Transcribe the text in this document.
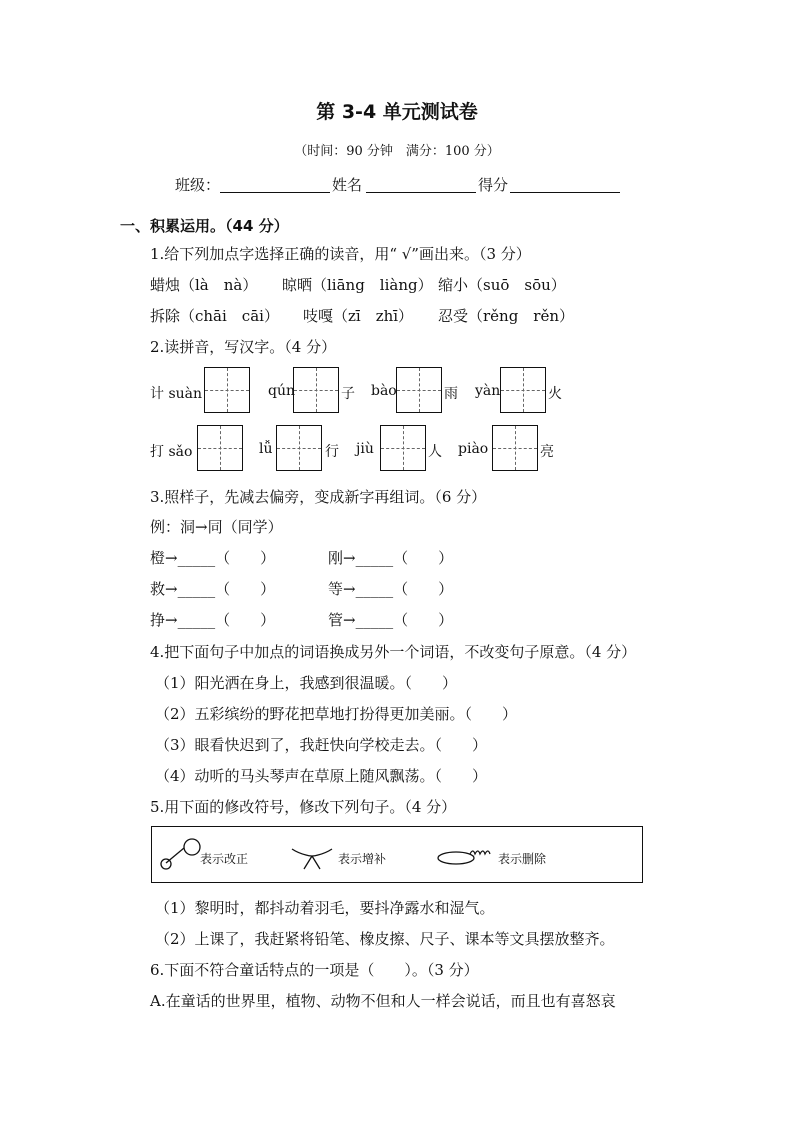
第 3-4 单元测试卷
（时间：90 分钟　满分：100 分）
班级：	姓名	得分
一、积累运用。（44 分）
1.给下列加点字选择正确的读音，用“ √”画出来。（3 分）
蜡烛（là　nà） 晾晒（liāng　liàng） 缩小（suō　sōu）
拆除（chāi　cāi） 吱嘎（zī　zhī） 忍受（rěng　rěn）
2.读拼音，写汉字。（4 分）
计 suàn	qún	子 bào	雨 yàn	火
打 sǎo	lǚ	行 jiù	人 piào	亮
3.照样子，先减去偏旁，变成新字再组词。（6 分）
例：洞→同（同学）
橙→_____（　　）	刚→_____（　　）
救→_____（　　）	等→_____（　　）
挣→_____（　　）	管→_____（　　）
4.把下面句子中加点的词语换成另外一个词语，不改变句子原意。（4 分）
（1）阳光洒在身上，我感到很温暖。（　　）
（2）五彩缤纷的野花把草地打扮得更加美丽。（　　）
（3）眼看快迟到了，我赶快向学校走去。（　　）
（4）动听的马头琴声在草原上随风飘荡。（　　）
5.用下面的修改符号，修改下列句子。（4 分）
表示改正	表示增补	表示删除
（1）黎明时，都抖动着羽毛，要抖净露水和湿气。
（2）上课了，我赶紧将铅笔、橡皮擦、尺子、课本等文具摆放整齐。
6.下面不符合童话特点的一项是（　　）。（3 分）
A.在童话的世界里，植物、动物不但和人一样会说话，而且也有喜怒哀
